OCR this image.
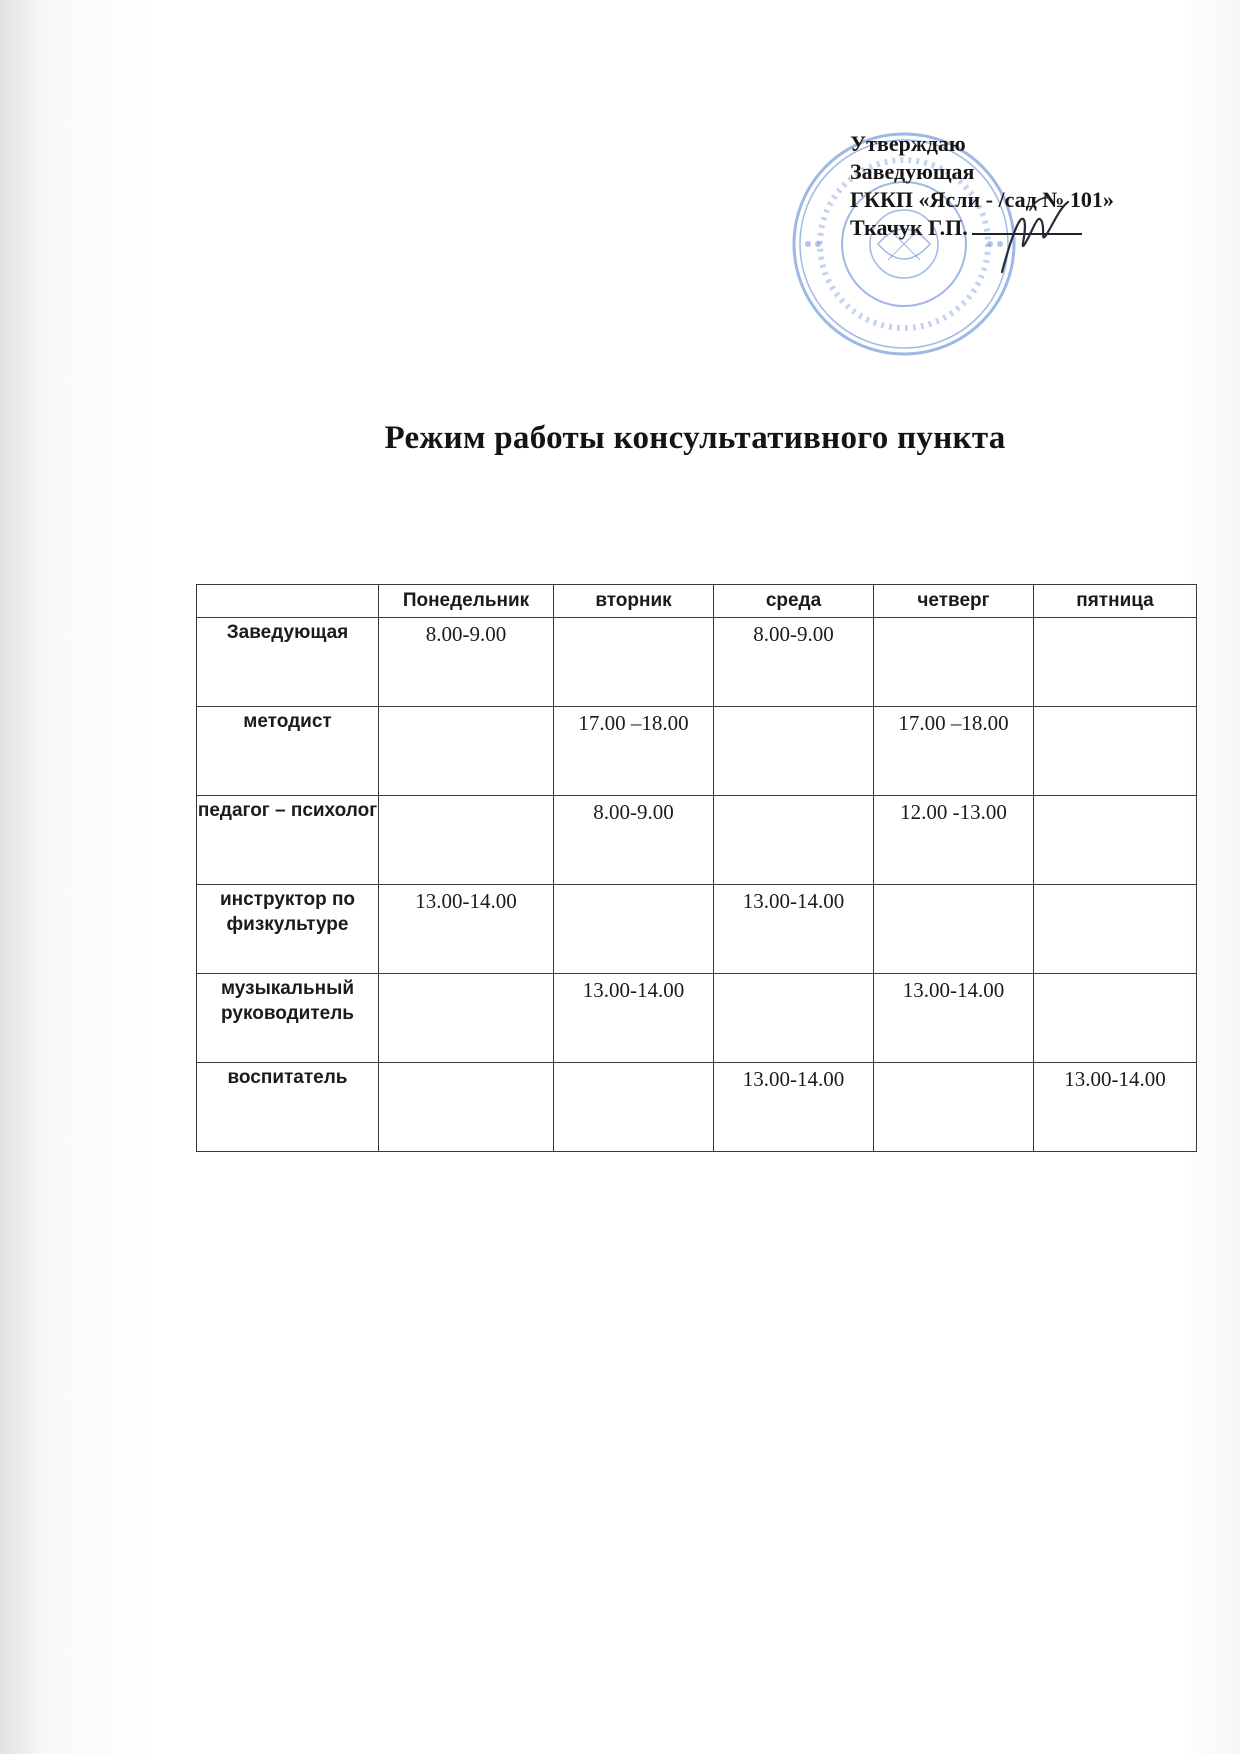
Утверждаю
Заведующая
ГККП «Ясли - /сад № 101»
Ткачук Г.П.
Режим работы консультативного пункта
	Понедельник	вторник	среда	четверг	пятница
Заведующая	8.00-9.00		8.00-9.00		
методист		17.00 –18.00		17.00 –18.00	
педагог – психолог		8.00-9.00		12.00 -13.00	
инструктор по физкультуре	13.00-14.00		13.00-14.00		
музыкальный руководитель		13.00-14.00		13.00-14.00	
воспитатель			13.00-14.00		13.00-14.00
